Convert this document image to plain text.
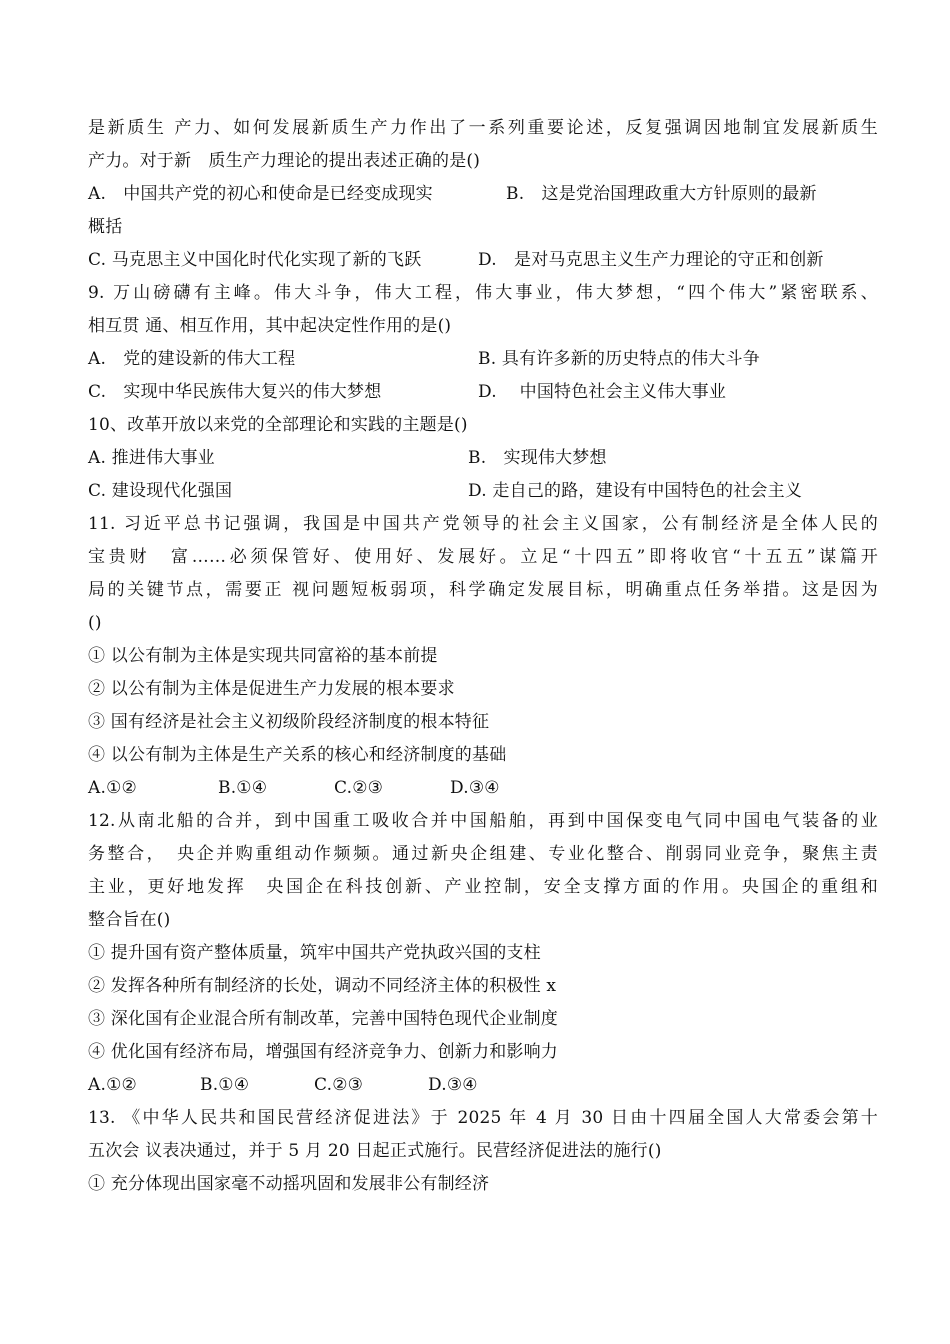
是新质生 产力、如何发展新质生产力作出了一系列重要论述，反复强调因地制宜发展新质生
产力。对于新　质生产力理论的提出表述正确的是()
A.　中国共产党的初心和使命是已经变成现实	B.　这是党治国理政重大方针原则的最新
概括
C. 马克思主义中国化时代化实现了新的飞跃	D.　是对马克思主义生产力理论的守正和创新
9. 万山磅礴有主峰。伟大斗争，伟大工程，伟大事业，伟大梦想，“四个伟大”紧密联系、
相互贯 通、相互作用，其中起决定性作用的是()
A.　党的建设新的伟大工程	B. 具有许多新的历史特点的伟大斗争
C.　实现中华民族伟大复兴的伟大梦想	D.　 中国特色社会主义伟大事业
10、改革开放以来党的全部理论和实践的主题是()
A. 推进伟大事业	B.　实现伟大梦想
C. 建设现代化强国	D. 走自己的路，建设有中国特色的社会主义
11. 习近平总书记强调，我国是中国共产党领导的社会主义国家，公有制经济是全体人民的
宝贵财　富……必须保管好、使用好、发展好。立足“十四五”即将收官“十五五”谋篇开
局的关键节点，需要正 视问题短板弱项，科学确定发展目标，明确重点任务举措。这是因为
()
① 以公有制为主体是实现共同富裕的基本前提
② 以公有制为主体是促进生产力发展的根本要求
③ 国有经济是社会主义初级阶段经济制度的根本特征
④ 以公有制为主体是生产关系的核心和经济制度的基础
A.①②	B.①④	C.②③	D.③④
12.从南北船的合并，到中国重工吸收合并中国船舶，再到中国保变电气同中国电气装备的业
务整合，　央企并购重组动作频频。通过新央企组建、专业化整合、削弱同业竞争，聚焦主责
主业，更好地发挥　央国企在科技创新、产业控制，安全支撑方面的作用。央国企的重组和
整合旨在()
① 提升国有资产整体质量，筑牢中国共产党执政兴国的支柱
② 发挥各种所有制经济的长处，调动不同经济主体的积极性 x
③ 深化国有企业混合所有制改革，完善中国特色现代企业制度
④ 优化国有经济布局，增强国有经济竞争力、创新力和影响力
A.①②	B.①④	C.②③	D.③④
13. 《中华人民共和国民营经济促进法》于 2025 年 4 月 30 日由十四届全国人大常委会第十
五次会 议表决通过，并于 5 月 20 日起正式施行。民营经济促进法的施行()
① 充分体现出国家毫不动摇巩固和发展非公有制经济
